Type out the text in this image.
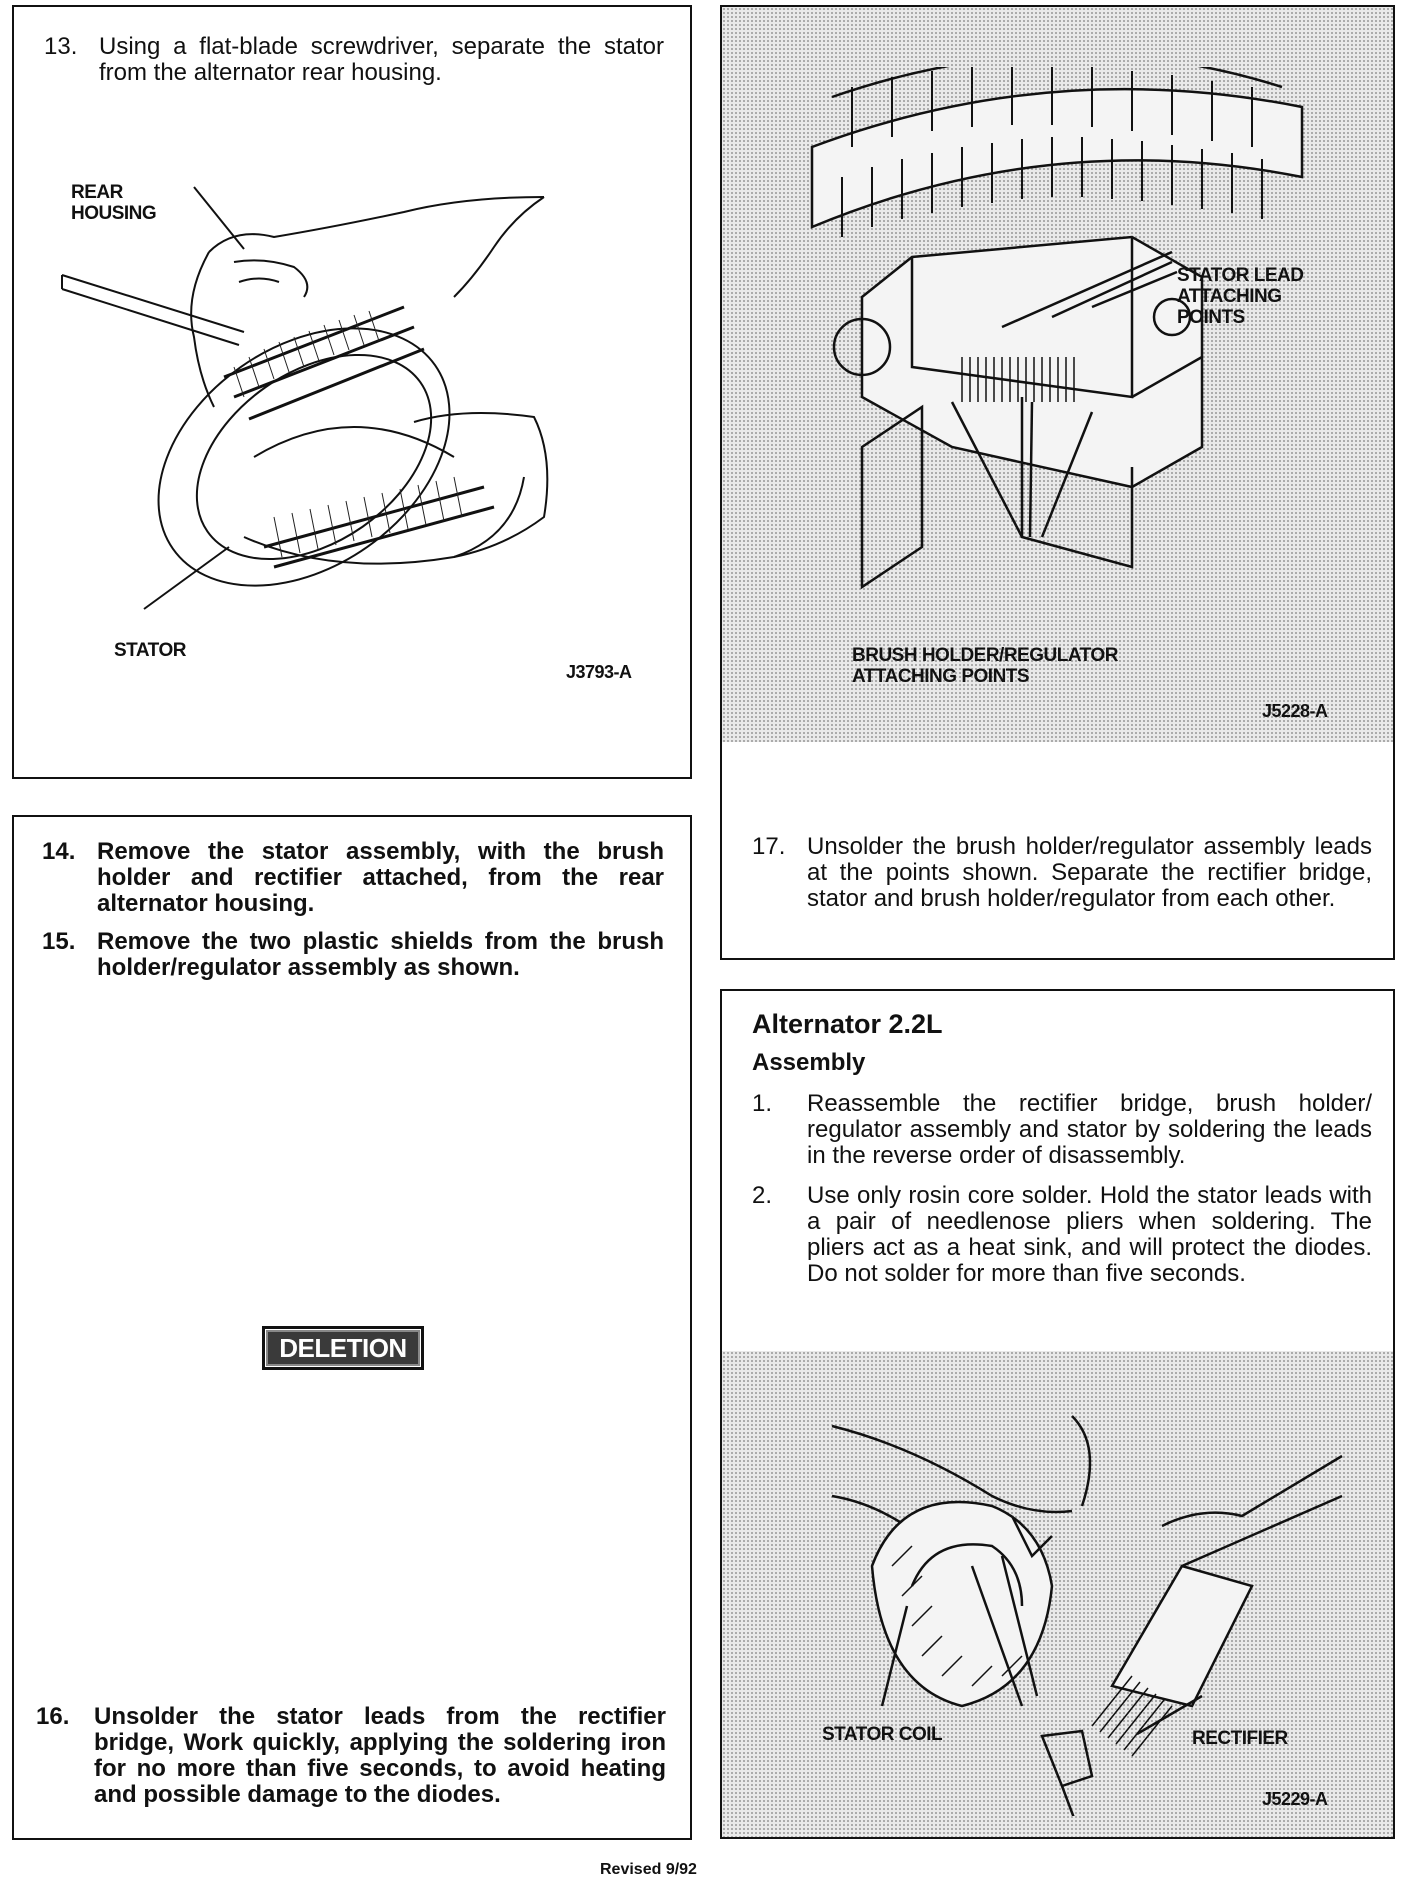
13. Using a flat-blade screwdriver, separate the stator from the alternator rear housing.
REAR
HOUSING
STATOR
J3793-A
14. Remove the stator assembly, with the brush holder and rectifier attached, from the rear alternator housing.
15. Remove the two plastic shields from the brush holder/regulator assembly as shown.
DELETION
16.	Unsolder the stator leads from the rectifier bridge, Work quickly, applying the soldering iron for no more than five seconds, to avoid heating and possible damage to the diodes.
STATOR LEAD
ATTACHING
POINTS
BRUSH HOLDER/REGULATOR
ATTACHING POINTS
J5228-A
17. Unsolder the brush holder/regulator assembly leads at the points shown. Separate the rectifier bridge, stator and brush holder/regulator from each other.
Alternator 2.2L
Assembly
1.	Reassemble the rectifier bridge, brush holder/ regulator assembly and stator by soldering the leads in the reverse order of disassembly.
2.	Use only rosin core solder. Hold the stator leads with a pair of needlenose pliers when soldering. The pliers act as a heat sink, and will protect the diodes. Do not solder for more than five seconds.
STATOR COIL	RECTIFIER
J5229-A
Revised 9/92
